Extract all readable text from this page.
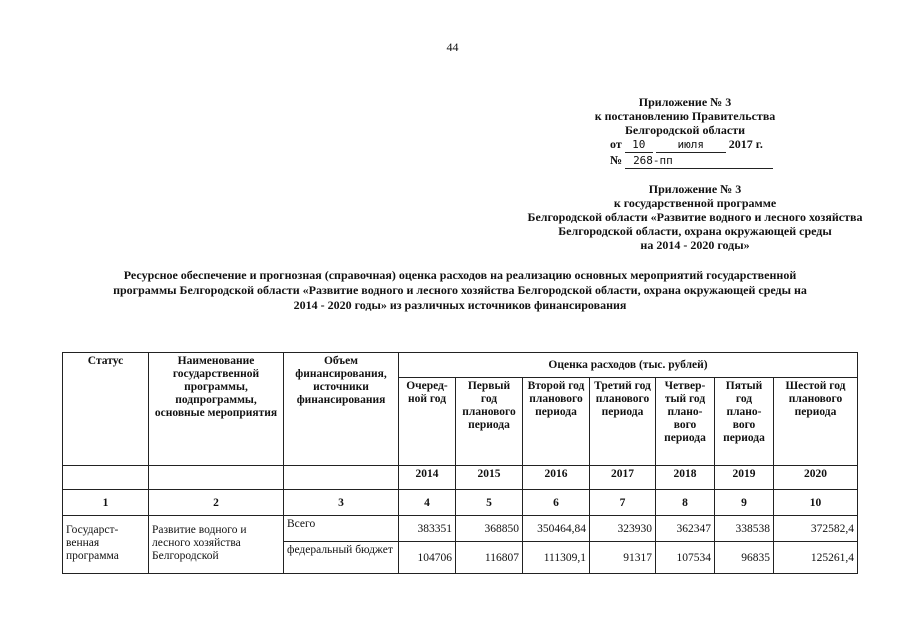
44
Приложение № 3
к постановлению Правительства
Белгородской области
от 10	июля 2017 г.
№ 268-пп
Приложение № 3
к государственной программе
Белгородской области «Развитие водного и лесного хозяйства
Белгородской области, охрана окружающей среды
на 2014 - 2020 годы»
Ресурсное обеспечение и прогнозная (справочная) оценка расходов на реализацию основных мероприятий государственной
программы Белгородской области «Развитие водного и лесного хозяйства Белгородской области, охрана окружающей среды на
2014 - 2020 годы» из различных источников финансирования
Статус	Наименование государственной программы, подпрограммы, основные мероприятия	Объем финансирования, источники финансирования	Оценка расходов (тыс. рублей)						
			Очеред-ной год	Первый год планового периода	Второй год планового периода	Третий год планового периода	Четвер-тый год плано-вого периода	Пятый год плано-вого периода	Шестой год планового периода
			2014	2015	2016	2017	2018	2019	2020
1	2	3	4	5	6	7	8	9	10
Государст-венная программа	Развитие водного и лесного хозяйства Белгородской	Всего	383351	368850	350464,84	323930	362347	338538	372582,4
		федеральный бюджет	104706	116807	111309,1	91317	107534	96835	125261,4
